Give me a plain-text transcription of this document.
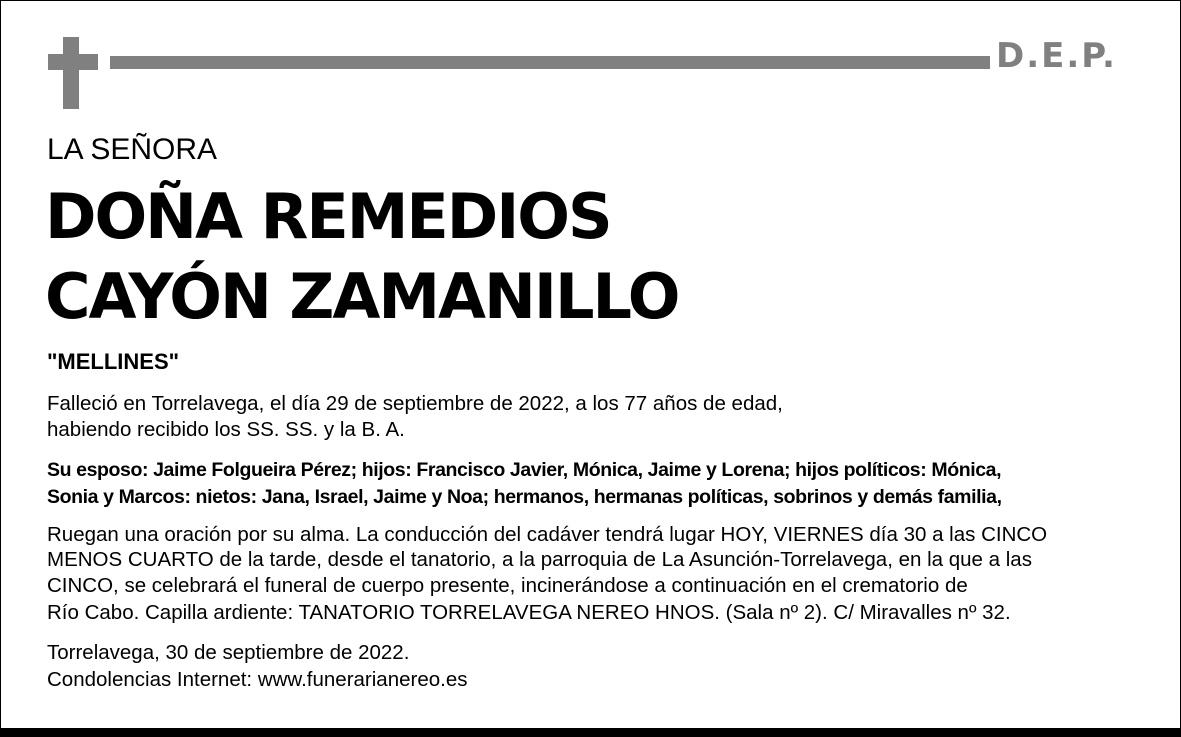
D.E.P.
LA SEÑORA
DOÑA REMEDIOS
CAYÓN ZAMANILLO
"MELLINES"
Falleció en Torrelavega, el día 29 de septiembre de 2022, a los 77 años de edad,
habiendo recibido los SS. SS. y la B. A.
Su esposo: Jaime Folgueira Pérez; hijos: Francisco Javier, Mónica, Jaime y Lorena; hijos políticos: Mónica,
Sonia y Marcos: nietos: Jana, Israel, Jaime y Noa; hermanos, hermanas políticas, sobrinos y demás familia,
Ruegan una oración por su alma. La conducción del cadáver tendrá lugar HOY, VIERNES día 30 a las CINCO
MENOS CUARTO de la tarde, desde el tanatorio, a la parroquia de La Asunción-Torrelavega, en la que a las
CINCO, se celebrará el funeral de cuerpo presente, incinerándose a continuación en el crematorio de
Río Cabo. Capilla ardiente: TANATORIO TORRELAVEGA NEREO HNOS. (Sala nº 2). C/ Miravalles nº 32.
Torrelavega, 30 de septiembre de 2022.
Condolencias Internet: www.funerarianereo.es
